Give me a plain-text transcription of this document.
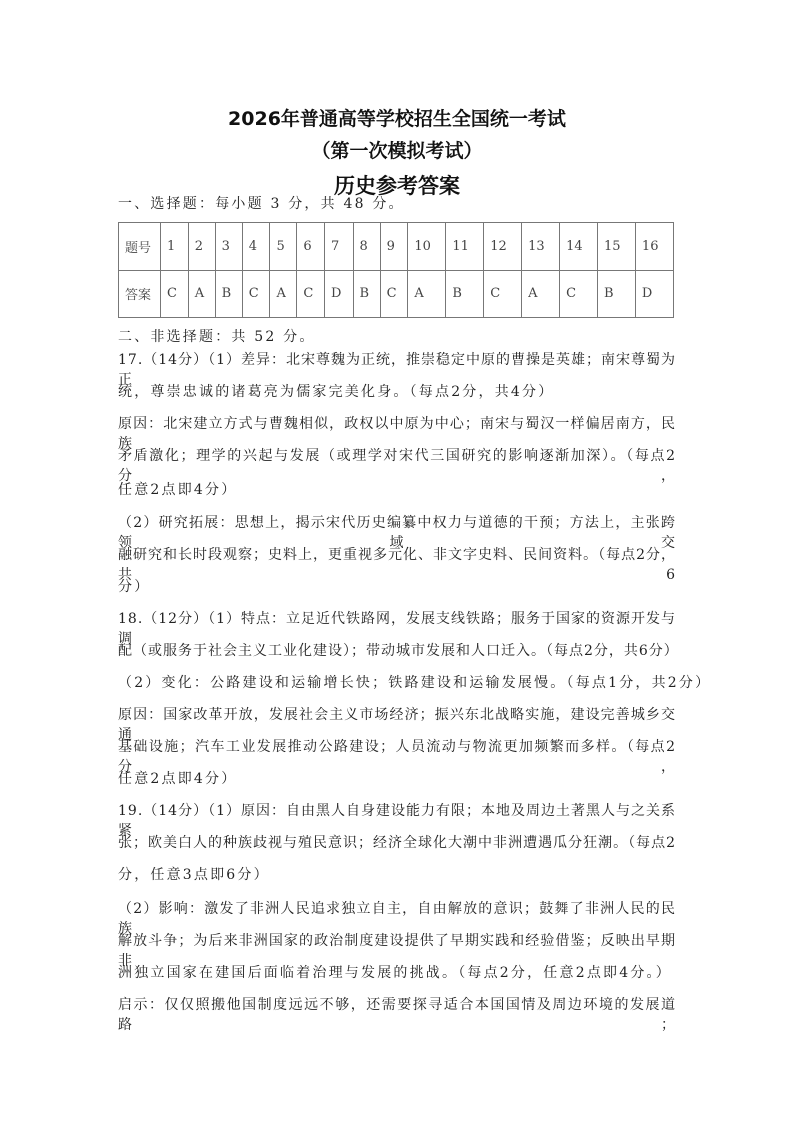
2026年普通高等学校招生全国统一考试
（第一次模拟考试）
历史参考答案
一、选择题：每小题 3 分，共 48 分。
题号	1	2	3	4	5	6	7	8	9	10	11	12	13	14	15	16
答案	C	A	B	C	A	C	D	B	C	A	B	C	A	C	B	D
二、非选择题：共 52 分。
17.（14分）（1）差异：北宋尊魏为正统，推崇稳定中原的曹操是英雄；南宋尊蜀为正
统，尊崇忠诚的诸葛亮为儒家完美化身。（每点2分，共4分）
原因：北宋建立方式与曹魏相似，政权以中原为中心；南宋与蜀汉一样偏居南方，民族
矛盾激化；理学的兴起与发展（或理学对宋代三国研究的影响逐渐加深）。（每点2分，
任意2点即4分）
（2）研究拓展：思想上，揭示宋代历史编纂中权力与道德的干预；方法上，主张跨领域交
融研究和长时段观察；史料上，更重视多元化、非文字史料、民间资料。（每点2分，共6
分）
18.（12分）（1）特点：立足近代铁路网，发展支线铁路；服务于国家的资源开发与调
配（或服务于社会主义工业化建设）；带动城市发展和人口迁入。（每点2分，共6分）
（2）变化：公路建设和运输增长快；铁路建设和运输发展慢。（每点1分，共2分）
原因：国家改革开放，发展社会主义市场经济；振兴东北战略实施，建设完善城乡交通
基础设施；汽车工业发展推动公路建设；人员流动与物流更加频繁而多样。（每点2分，
任意2点即4分）
19.（14分）（1）原因：自由黑人自身建设能力有限；本地及周边土著黑人与之关系紧
张；欧美白人的种族歧视与殖民意识；经济全球化大潮中非洲遭遇瓜分狂潮。（每点2
分，任意3点即6分）
（2）影响：激发了非洲人民追求独立自主，自由解放的意识；鼓舞了非洲人民的民族
解放斗争；为后来非洲国家的政治制度建设提供了早期实践和经验借鉴；反映出早期非
洲独立国家在建国后面临着治理与发展的挑战。（每点2分，任意2点即4分。）
启示：仅仅照搬他国制度远远不够，还需要探寻适合本国国情及周边环境的发展道路；
